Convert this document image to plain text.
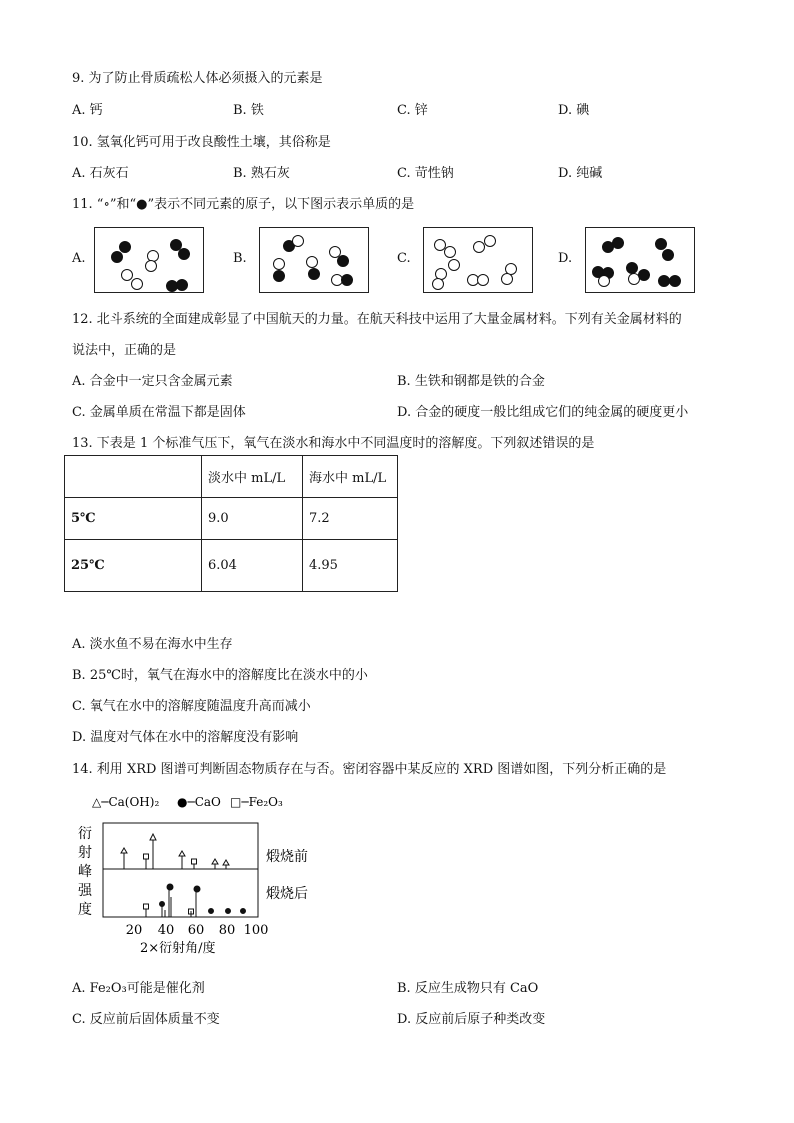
9. 为了防止骨质疏松人体必须摄入的元素是
A. 钙	B. 铁	C. 锌	D. 碘
10. 氢氧化钙可用于改良酸性土壤，其俗称是
A. 石灰石	B. 熟石灰	C. 苛性钠	D. 纯碱
11. “∘”和“●”表示不同元素的原子，以下图示表示单质的是
A.	B.	C.	D.
12. 北斗系统的全面建成彰显了中国航天的力量。在航天科技中运用了大量金属材料。下列有关金属材料的
说法中，正确的是
A. 合金中一定只含金属元素	B. 生铁和钢都是铁的合金
C. 金属单质在常温下都是固体	D. 合金的硬度一般比组成它们的纯金属的硬度更小
13. 下表是 1 个标准气压下，氧气在淡水和海水中不同温度时的溶解度。下列叙述错误的是
	淡水中 mL/L	海水中 mL/L
5℃	9.0	7.2
25℃	6.04	4.95
A. 淡水鱼不易在海水中生存
B. 25℃时，氧气在海水中的溶解度比在淡水中的小
C. 氧气在水中的溶解度随温度升高而减小
D. 温度对气体在水中的溶解度没有影响
14. 利用 XRD 图谱可判断固态物质存在与否。密闭容器中某反应的 XRD 图谱如图，下列分析正确的是
△─Ca(OH)₂ ●─CaO □─Fe₂O₃
衍
射
峰
强
度
煅烧前
煅烧后
20 40 60 80 100
2×衍射角/度
A. Fe₂O₃可能是催化剂	B. 反应生成物只有 CaO
C. 反应前后固体质量不变	D. 反应前后原子种类改变
